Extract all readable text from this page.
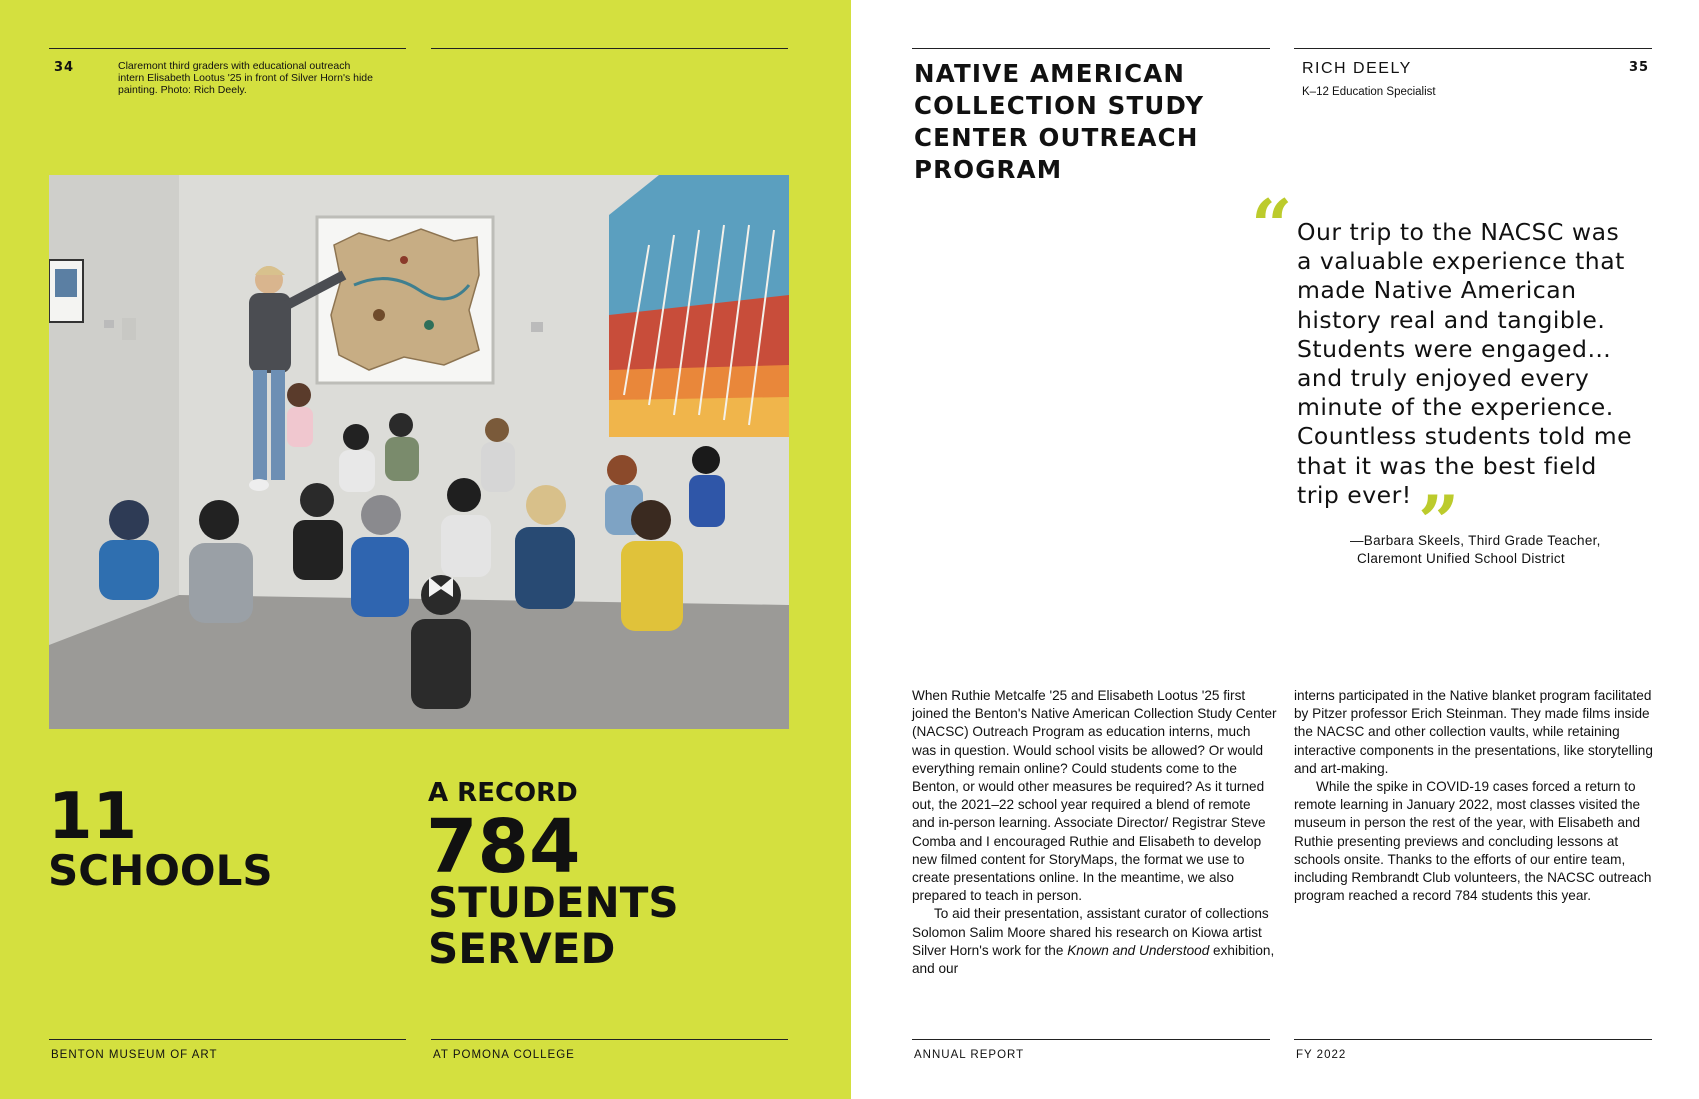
34	Claremont third graders with educational outreach intern Elisabeth Lootus '25 in front of Silver Horn's hide painting. Photo: Rich Deely.
11
SCHOOLS
A RECORD
784
STUDENTS
SERVED
BENTON MUSEUM OF ART	AT POMONA COLLEGE
NATIVE AMERICAN
COLLECTION STUDY
CENTER OUTREACH
PROGRAM
RICH DEELY
K–12 Education Specialist
35
“ Our trip to the NACSC was
a valuable experience that
made Native American
history real and tangible.
Students were engaged…
and truly enjoyed every
minute of the experience.
Countless students told me
that it was the best field
trip ever! ”
—Barbara Skeels, Third Grade Teacher,
Claremont Unified School District

When Ruthie Metcalfe '25 and Elisabeth Lootus '25 first joined the Benton's Native American Collection Study Center (NACSC) Outreach Program as education interns, much was in question. Would school visits be allowed? Or would everything remain online? Could students come to the Benton, or would other measures be required? As it turned out, the 2021–22 school year required a blend of remote and in-person learning. Associate Director/ Registrar Steve Comba and I encouraged Ruthie and Elisabeth to develop new filmed content for StoryMaps, the format we use to create presentations online. In the meantime, we also prepared to teach in person.

To aid their presentation, assistant curator of collections Solomon Salim Moore shared his research on Kiowa artist Silver Horn's work for the Known and Understood exhibition, and our

interns participated in the Native blanket program facilitated by Pitzer professor Erich Steinman. They made films inside the NACSC and other collection vaults, while retaining interactive components in the presentations, like storytelling and art-making.

While the spike in COVID-19 cases forced a return to remote learning in January 2022, most classes visited the museum in person the rest of the year, with Elisabeth and Ruthie presenting previews and concluding lessons at schools onsite. Thanks to the efforts of our entire team, including Rembrandt Club volunteers, the NACSC outreach program reached a record 784 students this year.

ANNUAL REPORT	FY 2022
